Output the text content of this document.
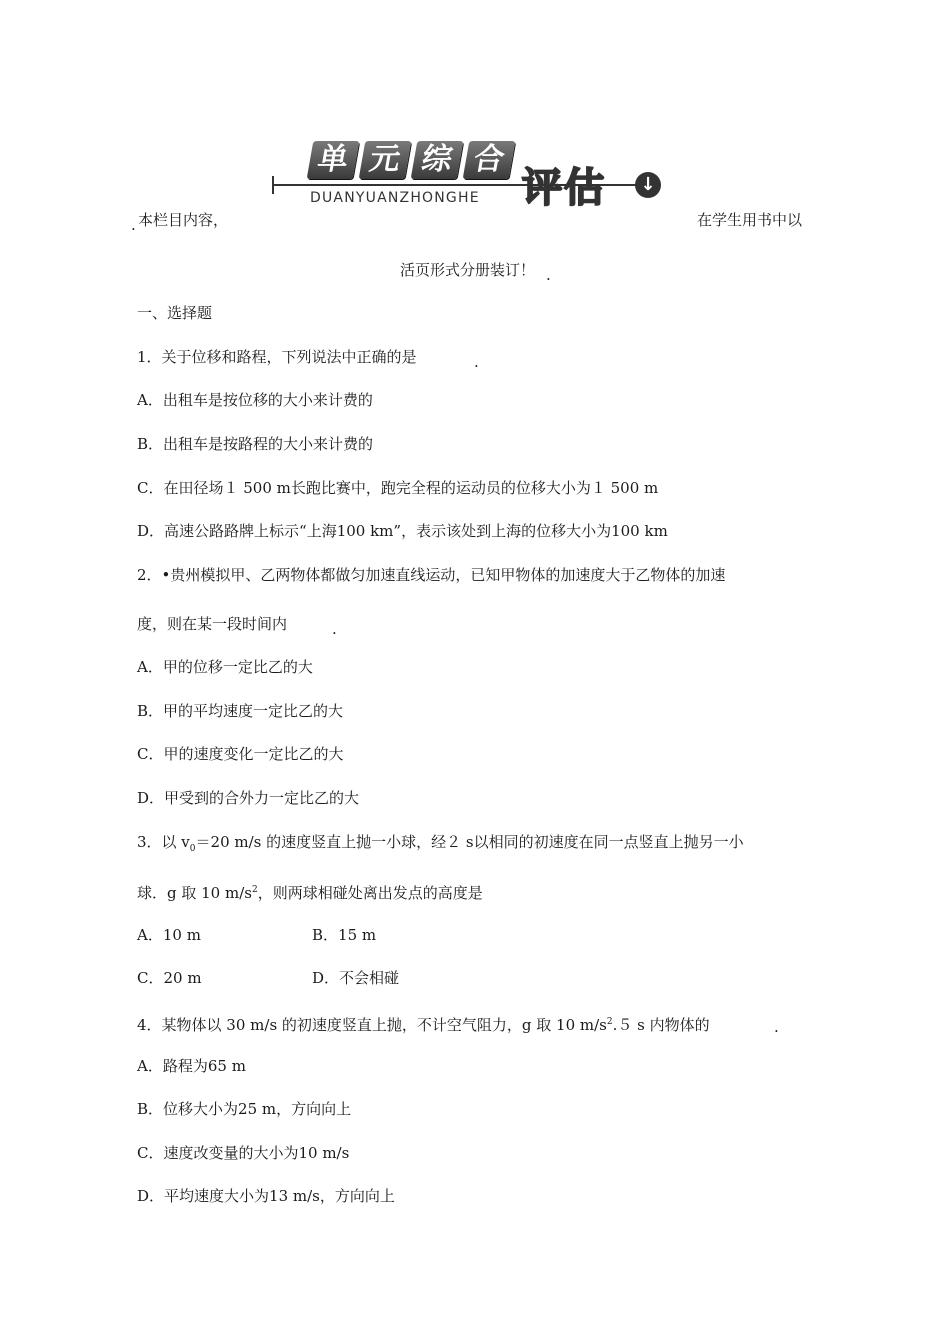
单 元 综 合
DUANYUANZHONGHE 评估	↓
. 本栏目内容，	在学生用书中以
活页形式分册装订！ .
一、选择题
1．关于位移和路程，下列说法中正确的是	.
A．出租车是按位移的大小来计费的
B．出租车是按路程的大小来计费的
C．在田径场１ 500 m长跑比赛中，跑完全程的运动员的位移大小为１ 500 m
D．高速公路路牌上标示“上海100 km”，表示该处到上海的位移大小为100 km
2．•贵州模拟甲、乙两物体都做匀加速直线运动，已知甲物体的加速度大于乙物体的加速
度，则在某一段时间内	.
A．甲的位移一定比乙的大
B．甲的平均速度一定比乙的大
C．甲的速度变化一定比乙的大
D．甲受到的合外力一定比乙的大
3．以 $v_0=20$ m/s 的速度竖直上抛一小球，经２ s以相同的初速度在同一点竖直上抛另一小
球．g 取 10 $m/s^2$，则两球相碰处离出发点的高度是
A．10 m	B．15 m
C．20 m	D．不会相碰
4．某物体以 30 m/s 的初速度竖直上抛，不计空气阻力，g 取 10 $m/s^2.5$ s 内物体的	.
A．路程为65 m
B．位移大小为25 m，方向向上
C．速度改变量的大小为10 m/s
D．平均速度大小为13 m/s，方向向上
